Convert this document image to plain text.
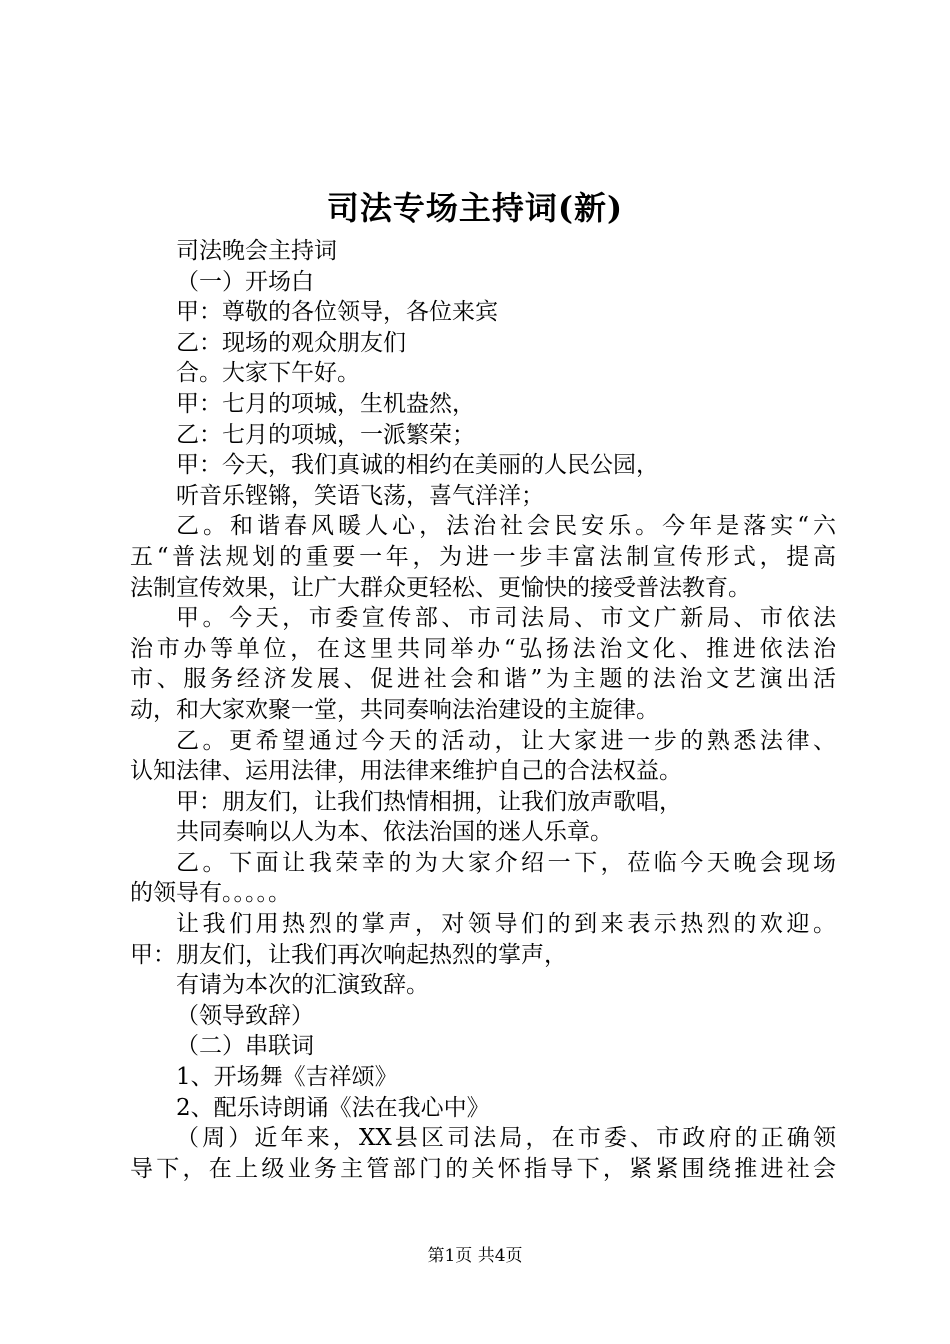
司法专场主持词(新)
司法晚会主持词
（一）开场白
甲：尊敬的各位领导，各位来宾
乙：现场的观众朋友们
合。大家下午好。
甲：七月的项城，生机盎然，
乙：七月的项城，一派繁荣；
甲：今天，我们真诚的相约在美丽的人民公园，
听音乐铿锵，笑语飞荡，喜气洋洋；
乙。和谐春风暖人心，法治社会民安乐。今年是落实“六
五“普法规划的重要一年，为进一步丰富法制宣传形式，提高
法制宣传效果，让广大群众更轻松、更愉快的接受普法教育。
甲。今天，市委宣传部、市司法局、市文广新局、市依法
治市办等单位，在这里共同举办“弘扬法治文化、推进依法治
市、服务经济发展、促进社会和谐”为主题的法治文艺演出活
动，和大家欢聚一堂，共同奏响法治建设的主旋律。
乙。更希望通过今天的活动，让大家进一步的熟悉法律、
认知法律、运用法律，用法律来维护自己的合法权益。
甲：朋友们，让我们热情相拥，让我们放声歌唱，
共同奏响以人为本、依法治国的迷人乐章。
乙。下面让我荣幸的为大家介绍一下，莅临今天晚会现场
的领导有。。。。。
让我们用热烈的掌声，对领导们的到来表示热烈的欢迎。
甲：朋友们，让我们再次响起热烈的掌声，
有请为本次的汇演致辞。
（领导致辞）
（二）串联词
1、开场舞《吉祥颂》
2、配乐诗朗诵《法在我心中》
（周）近年来，XX县区司法局，在市委、市政府的正确领
导下，在上级业务主管部门的关怀指导下，紧紧围绕推进社会
第1页 共4页
